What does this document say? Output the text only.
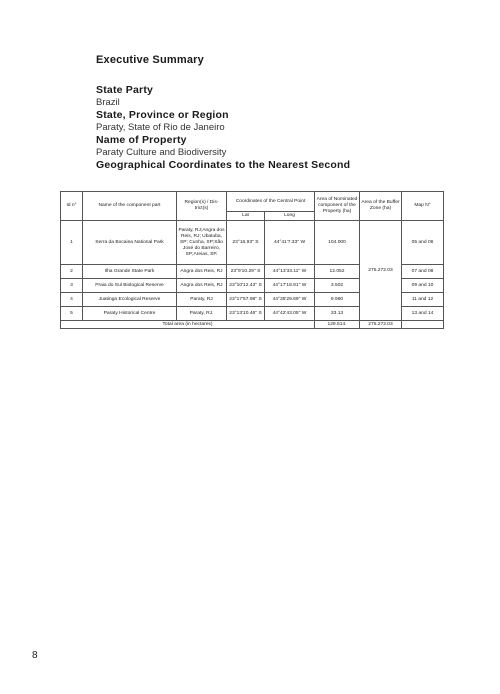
Executive Summary
State Party
Brazil
State, Province or Region
Paraty, State of Rio de Janeiro
Name of Property
Paraty Culture and Biodiversity
Geographical Coordinates to the Nearest Second
Id n°	Name of the component part	Region(s) / Dis-trict(s)	Coordinates of the Central Point		Area of Nominated component of the Property (ha)	Area of the Buffer Zone (ha)	Map N°
			Lat	Long			
1	Serra da Bocaina National Park	Paraty, RJ;Angra dos Reis, RJ; Ubatuba, SP; Cunha, SP;São José do Barreiro, SP;Areias, SP.	23°16,93'' S	44°41'7.33'' W	104.000	275.272.03	05 and 06
2	Ilha Grande State Park	Angra dos Reis, RJ	23°9'10.29'' S	44°13'33.11'' W	12.052		07 and 08
3	Praia do Sul Biological Reserve	Angra dos Reis, RJ	23°10'12.43'' S	44°17'18.91'' W	3.502		09 and 10
4	Juatinga Ecological Reserve	Paraty, RJ	23°17'57.98'' S	44°35'29.69'' W	9.960		11 and 12
5	Paraty Historical Centre	Paraty, RJ.	23°13'10.46'' S	44°42'43.05'' W	33.13		13 and 14
Total area (in hectares)					129.514.	275.272.03	
8
